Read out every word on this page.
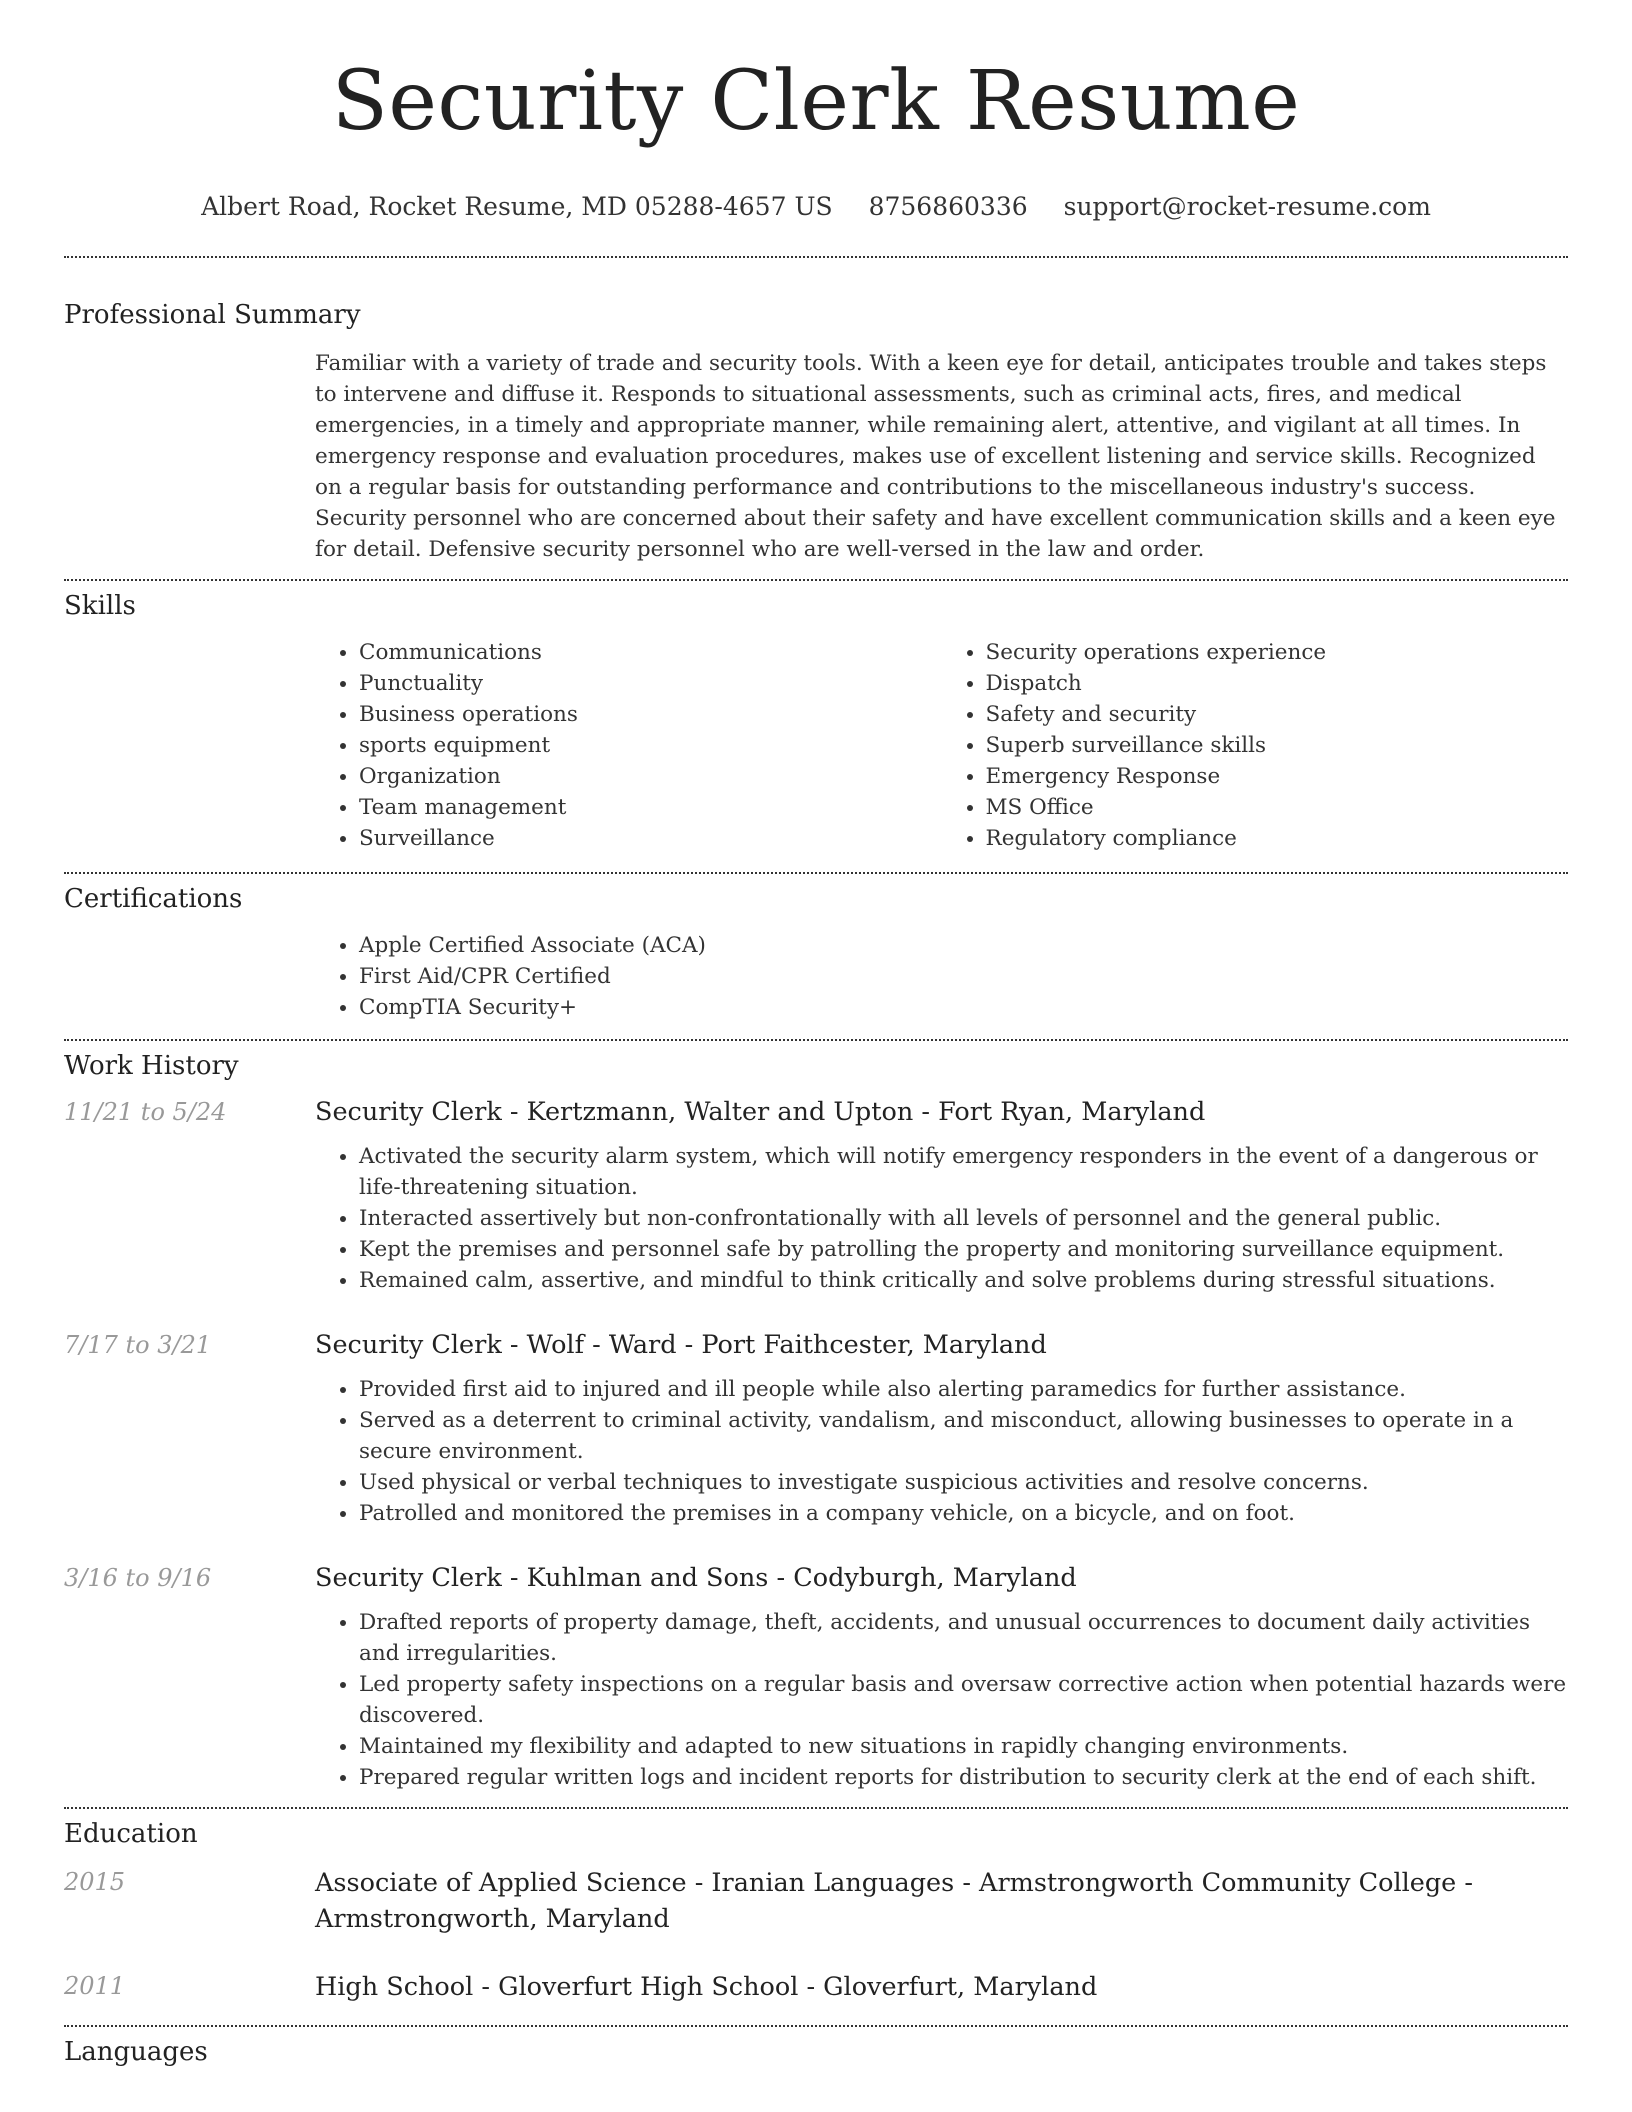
Security Clerk Resume
Albert Road, Rocket Resume, MD 05288-4657 US 8756860336 support@rocket-resume.com
Professional Summary

Familiar with a variety of trade and security tools. With a keen eye for detail, anticipates trouble and takes steps to intervene and diffuse it. Responds to situational assessments, such as criminal acts, fires, and medical emergencies, in a timely and appropriate manner, while remaining alert, attentive, and vigilant at all times. In emergency response and evaluation procedures, makes use of excellent listening and service skills. Recognized on a regular basis for outstanding performance and contributions to the miscellaneous industry's success. Security personnel who are concerned about their safety and have excellent communication skills and a keen eye for detail. Defensive security personnel who are well-versed in the law and order.

Skills
• Communications
• Punctuality
• Business operations
• sports equipment
• Organization
• Team management
• Surveillance
• Security operations experience
• Dispatch
• Safety and security
• Superb surveillance skills
• Emergency Response
• MS Office
• Regulatory compliance
Certifications
• Apple Certified Associate (ACA)
• First Aid/CPR Certified
• CompTIA Security+
Work History
11/21 to 5/24	Security Clerk - Kertzmann, Walter and Upton - Fort Ryan, Maryland

• Activated the security alarm system, which will notify emergency responders in the event of a dangerous or life-threatening situation.
• Interacted assertively but non-confrontationally with all levels of personnel and the general public.
• Kept the premises and personnel safe by patrolling the property and monitoring surveillance equipment.
• Remained calm, assertive, and mindful to think critically and solve problems during stressful situations.
7/17 to 3/21	Security Clerk - Wolf - Ward - Port Faithcester, Maryland

• Provided first aid to injured and ill people while also alerting paramedics for further assistance.
• Served as a deterrent to criminal activity, vandalism, and misconduct, allowing businesses to operate in a secure environment.
• Used physical or verbal techniques to investigate suspicious activities and resolve concerns.
• Patrolled and monitored the premises in a company vehicle, on a bicycle, and on foot.
3/16 to 9/16	Security Clerk - Kuhlman and Sons - Codyburgh, Maryland

• Drafted reports of property damage, theft, accidents, and unusual occurrences to document daily activities and irregularities.
• Led property safety inspections on a regular basis and oversaw corrective action when potential hazards were discovered.
• Maintained my flexibility and adapted to new situations in rapidly changing environments.
• Prepared regular written logs and incident reports for distribution to security clerk at the end of each shift.
Education
2015	Associate of Applied Science - Iranian Languages - Armstrongworth Community College - Armstrongworth, Maryland

2011	High School - Gloverfurt High School - Gloverfurt, Maryland

Languages
